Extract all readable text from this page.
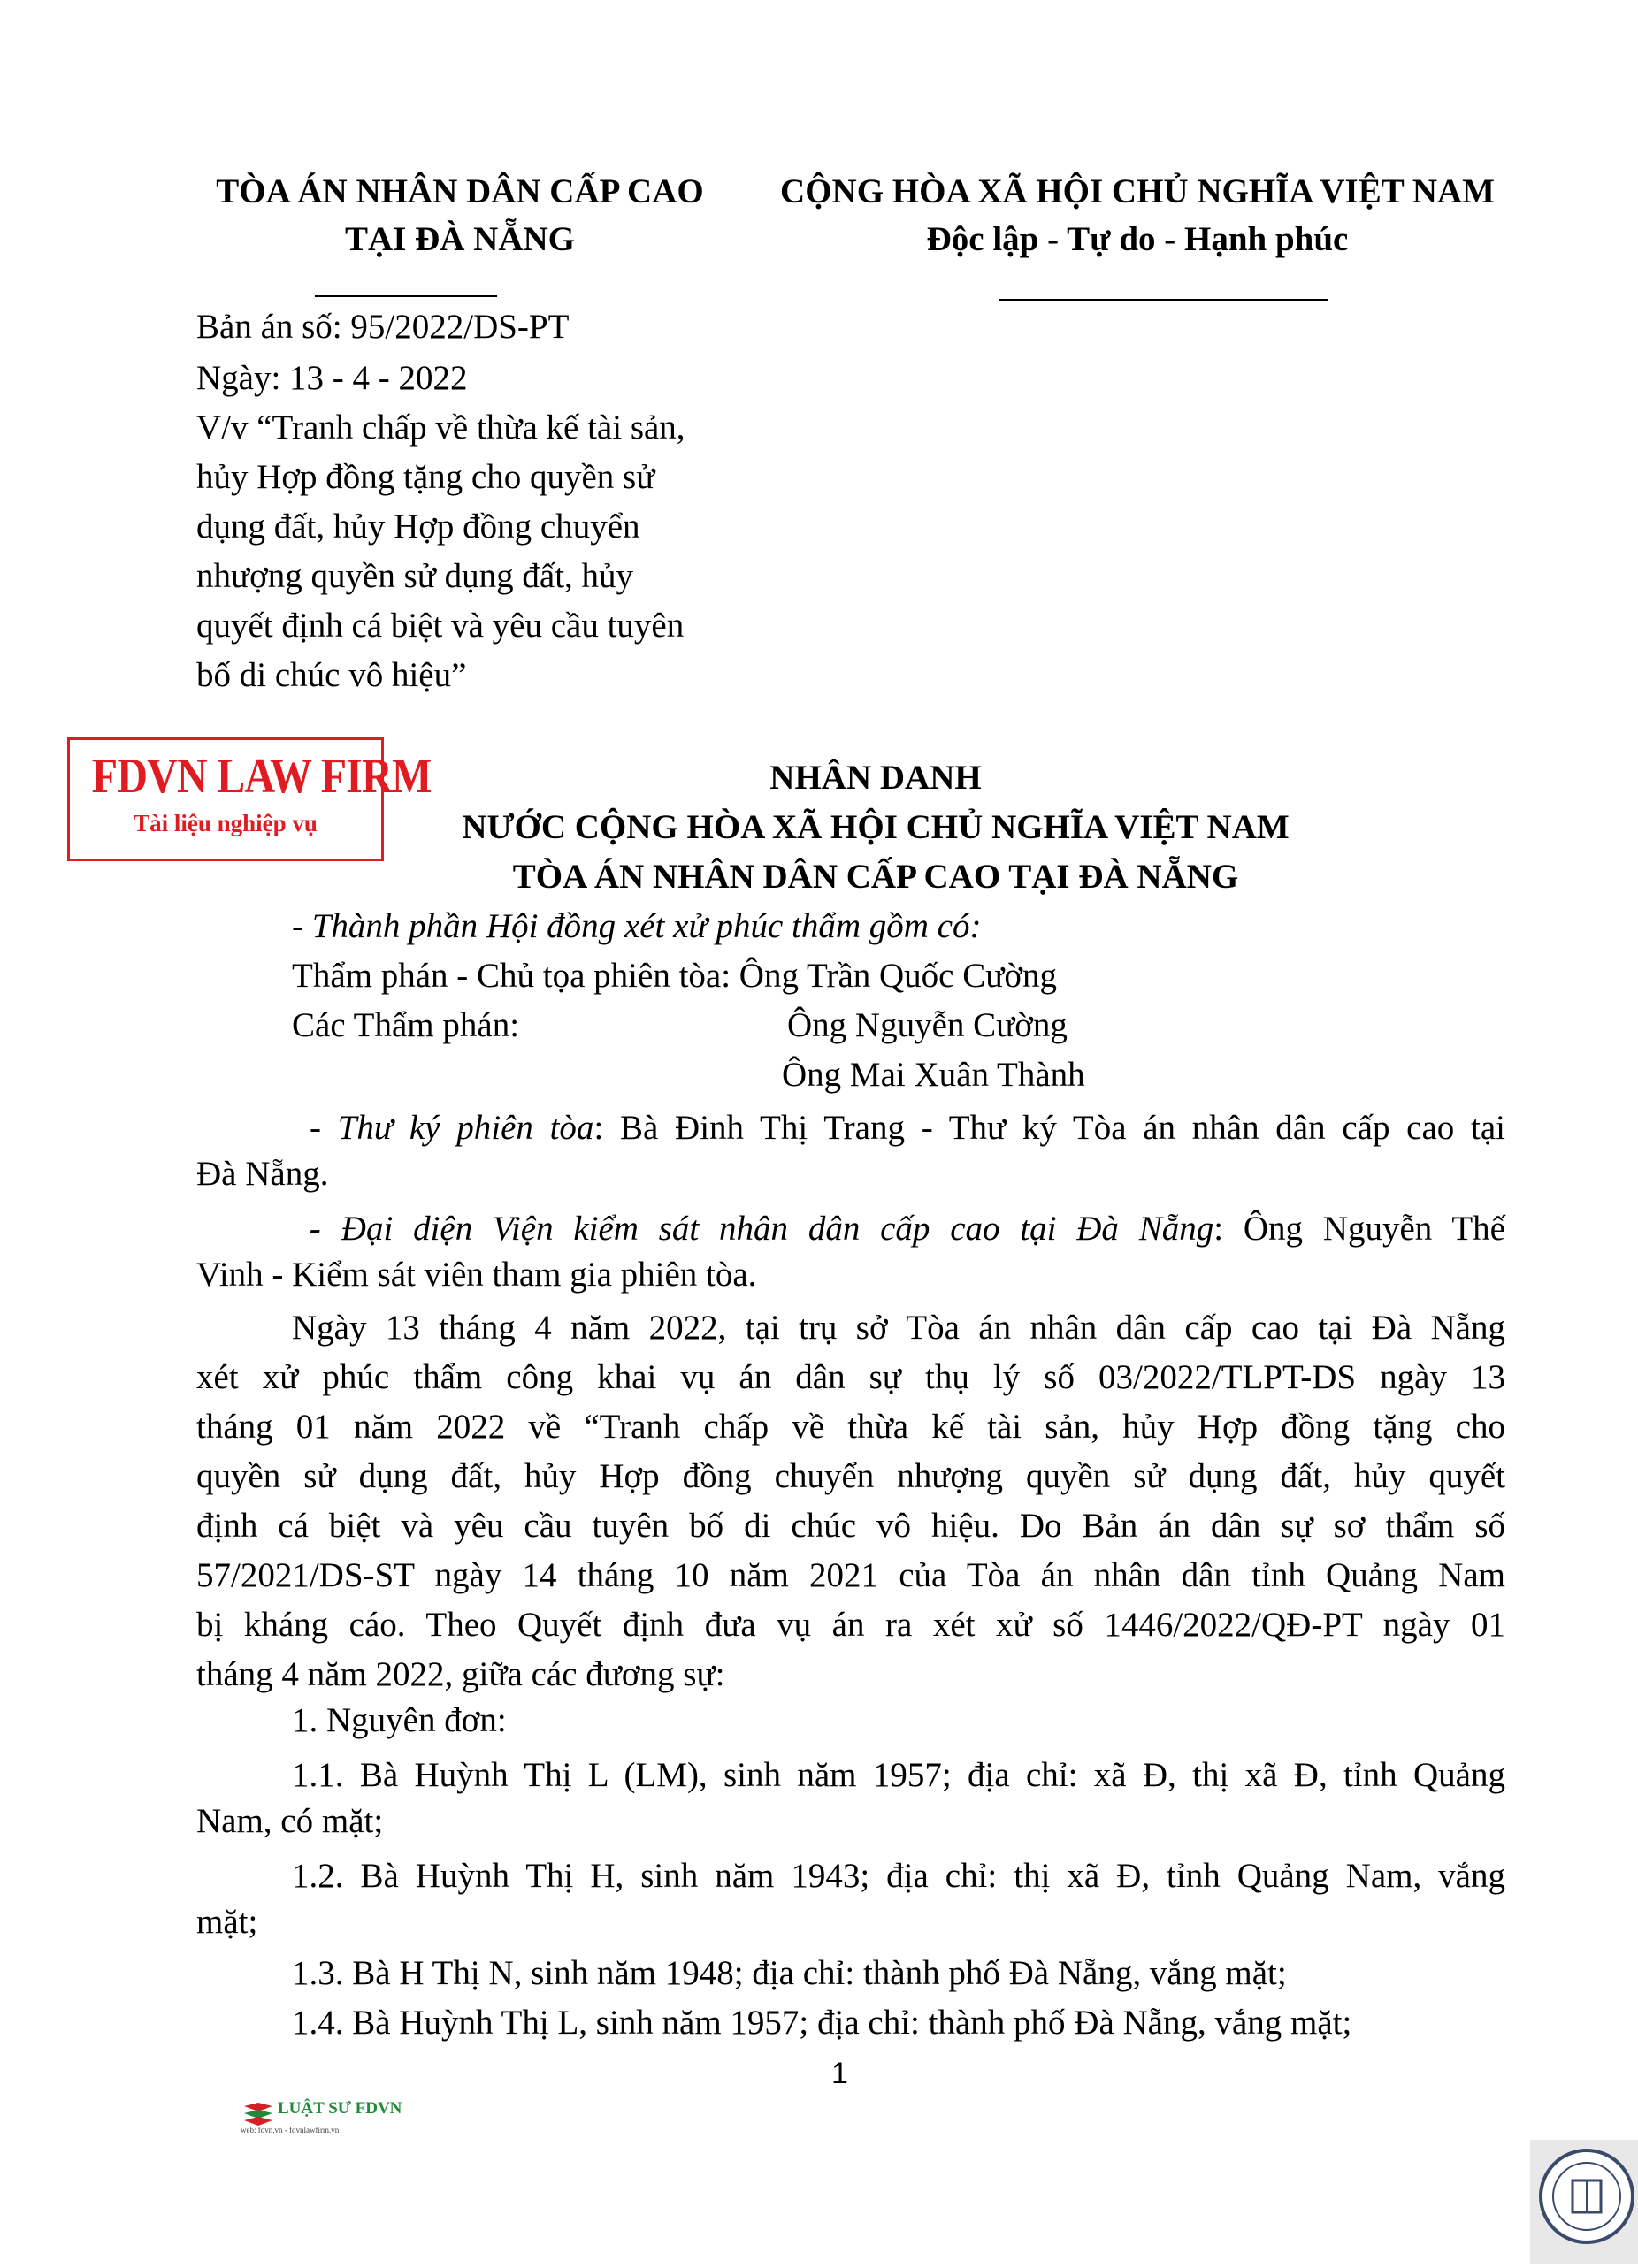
TÒA ÁN NHÂN DÂN CẤP CAO
TẠI ĐÀ NẴNG
CỘNG HÒA XÃ HỘI CHỦ NGHĨA VIỆT NAM
Độc lập - Tự do - Hạnh phúc
Bản án số: 95/2022/DS-PT
Ngày: 13 - 4 - 2022
V/v “Tranh chấp về thừa kế tài sản,
hủy Hợp đồng tặng cho quyền sử
dụng đất, hủy Hợp đồng chuyển
nhượng quyền sử dụng đất, hủy
quyết định cá biệt và yêu cầu tuyên
bố di chúc vô hiệu”
FDVN LAW FIRM
Tài liệu nghiệp vụ
NHÂN DANH
NƯỚC CỘNG HÒA XÃ HỘI CHỦ NGHĨA VIỆT NAM
TÒA ÁN NHÂN DÂN CẤP CAO TẠI ĐÀ NẴNG
- Thành phần Hội đồng xét xử phúc thẩm gồm có:
Thẩm phán - Chủ tọa phiên tòa: Ông Trần Quốc Cường
Các Thẩm phán:	Ông Nguyễn Cường
Ông Mai Xuân Thành
- Thư ký phiên tòa: Bà Đinh Thị Trang - Thư ký Tòa án nhân dân cấp cao tại
Đà Nẵng.
- Đại diện Viện kiểm sát nhân dân cấp cao tại Đà Nẵng: Ông Nguyễn Thế
Vinh - Kiểm sát viên tham gia phiên tòa.
Ngày 13 tháng 4 năm 2022, tại trụ sở Tòa án nhân dân cấp cao tại Đà Nẵng
xét xử phúc thẩm công khai vụ án dân sự thụ lý số 03/2022/TLPT-DS ngày 13
tháng 01 năm 2022 về “Tranh chấp về thừa kế tài sản, hủy Hợp đồng tặng cho
quyền sử dụng đất, hủy Hợp đồng chuyển nhượng quyền sử dụng đất, hủy quyết
định cá biệt và yêu cầu tuyên bố di chúc vô hiệu. Do Bản án dân sự sơ thẩm số
57/2021/DS-ST ngày 14 tháng 10 năm 2021 của Tòa án nhân dân tỉnh Quảng Nam
bị kháng cáo. Theo Quyết định đưa vụ án ra xét xử số 1446/2022/QĐ-PT ngày 01
tháng 4 năm 2022, giữa các đương sự:
1. Nguyên đơn:
1.1. Bà Huỳnh Thị L (LM), sinh năm 1957; địa chỉ: xã Đ, thị xã Đ, tỉnh Quảng
Nam, có mặt;
1.2. Bà Huỳnh Thị H, sinh năm 1943; địa chỉ: thị xã Đ, tỉnh Quảng Nam, vắng
mặt;
1.3. Bà H Thị N, sinh năm 1948; địa chỉ: thành phố Đà Nẵng, vắng mặt;
1.4. Bà Huỳnh Thị L, sinh năm 1957; địa chỉ: thành phố Đà Nẵng, vắng mặt;
1
LUẬT SƯ FDVN
web: fdvn.vn - fdvnlawfirm.vn
